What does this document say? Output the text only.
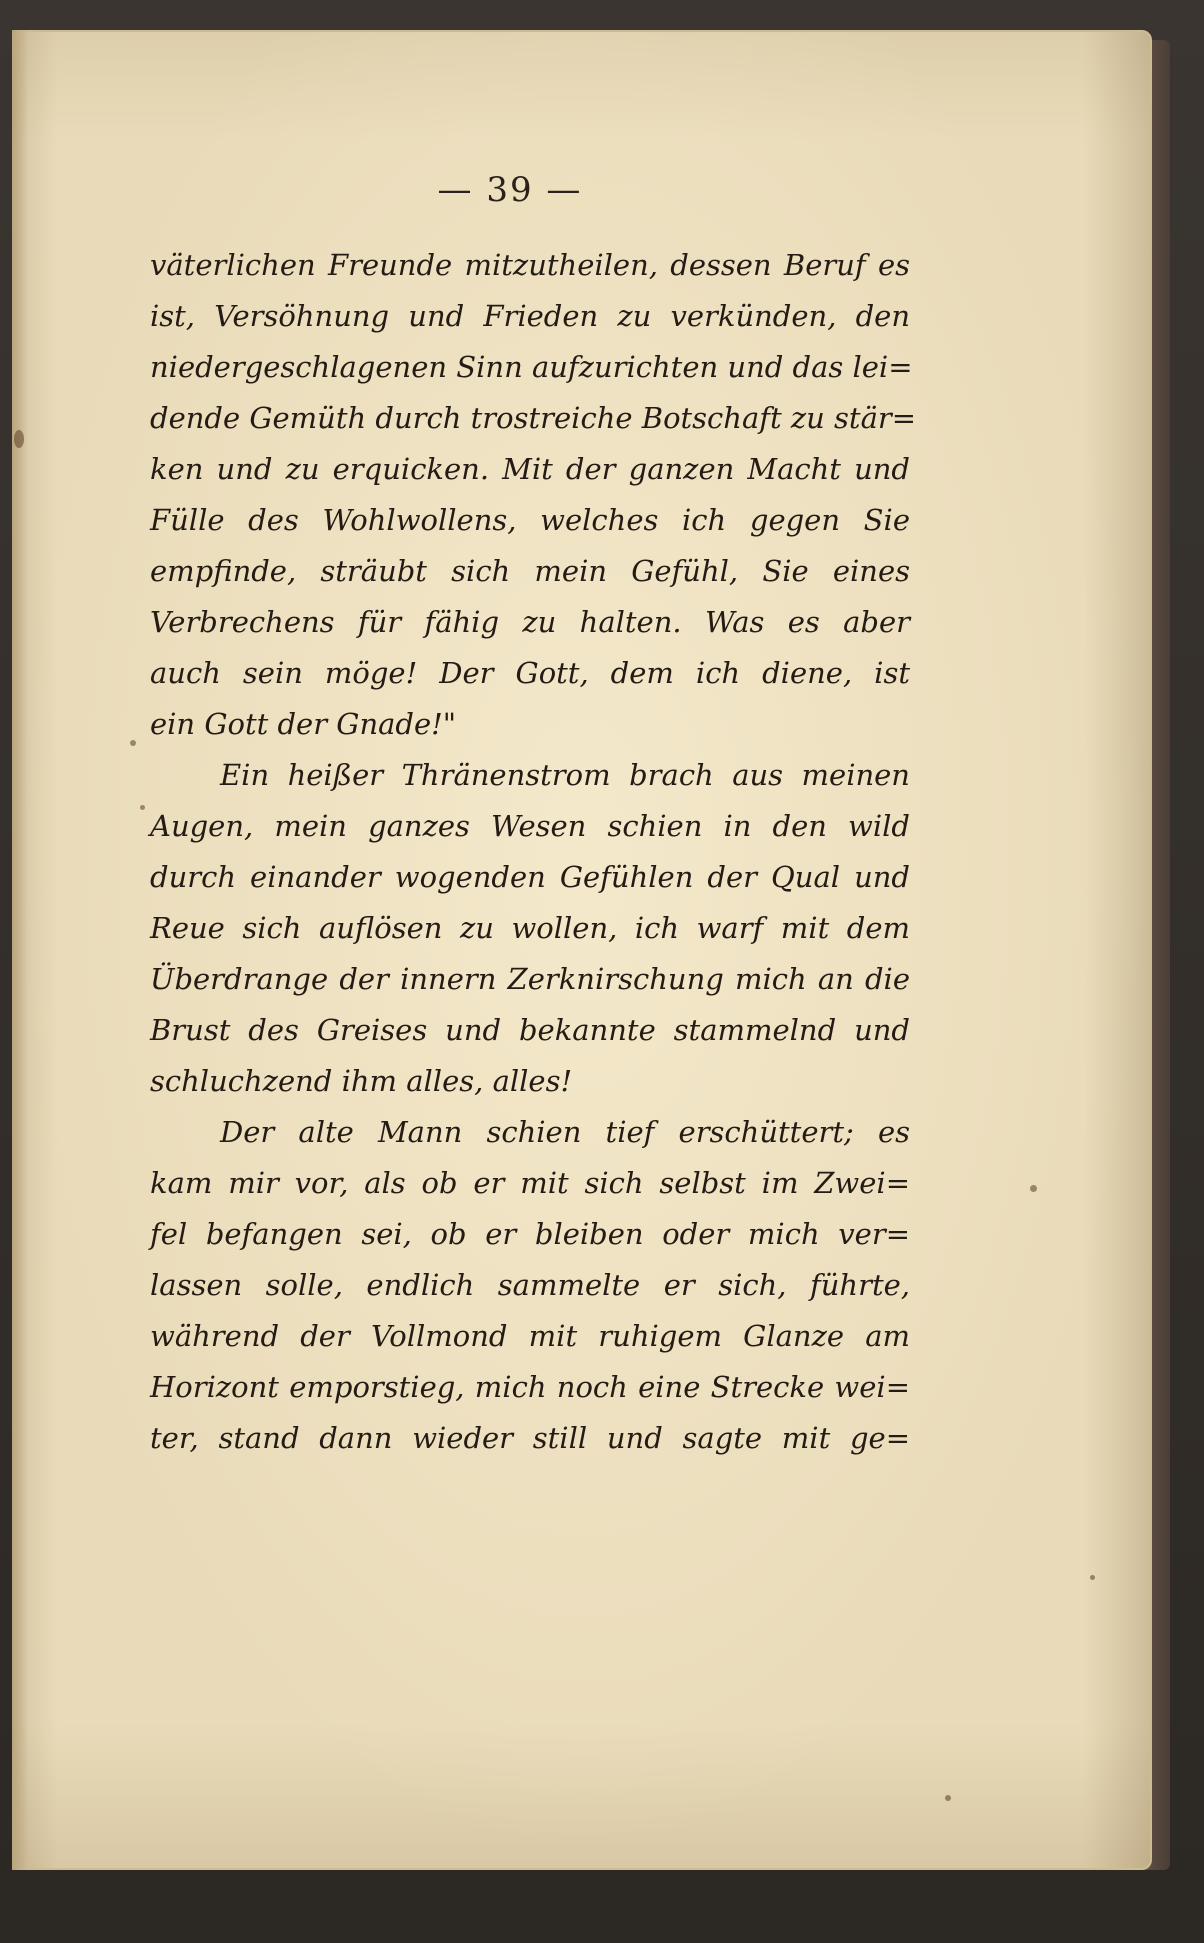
— 39 —
väterlichen Freunde mitzutheilen, dessen Beruf es
ist, Versöhnung und Frieden zu verkünden, den
niedergeschlagenen Sinn aufzurichten und das lei=
dende Gemüth durch trostreiche Botschaft zu stär=
ken und zu erquicken. Mit der ganzen Macht und
Fülle des Wohlwollens, welches ich gegen Sie
empfinde, sträubt sich mein Gefühl, Sie eines
Verbrechens für fähig zu halten. Was es aber
auch sein möge! Der Gott, dem ich diene, ist
ein Gott der Gnade!"
Ein heißer Thränenstrom brach aus meinen
Augen, mein ganzes Wesen schien in den wild
durch einander wogenden Gefühlen der Qual und
Reue sich auflösen zu wollen, ich warf mit dem
Überdrange der innern Zerknirschung mich an die
Brust des Greises und bekannte stammelnd und
schluchzend ihm alles, alles!
Der alte Mann schien tief erschüttert; es
kam mir vor, als ob er mit sich selbst im Zwei=
fel befangen sei, ob er bleiben oder mich ver=
lassen solle, endlich sammelte er sich, führte,
während der Vollmond mit ruhigem Glanze am
Horizont emporstieg, mich noch eine Strecke wei=
ter, stand dann wieder still und sagte mit ge=
